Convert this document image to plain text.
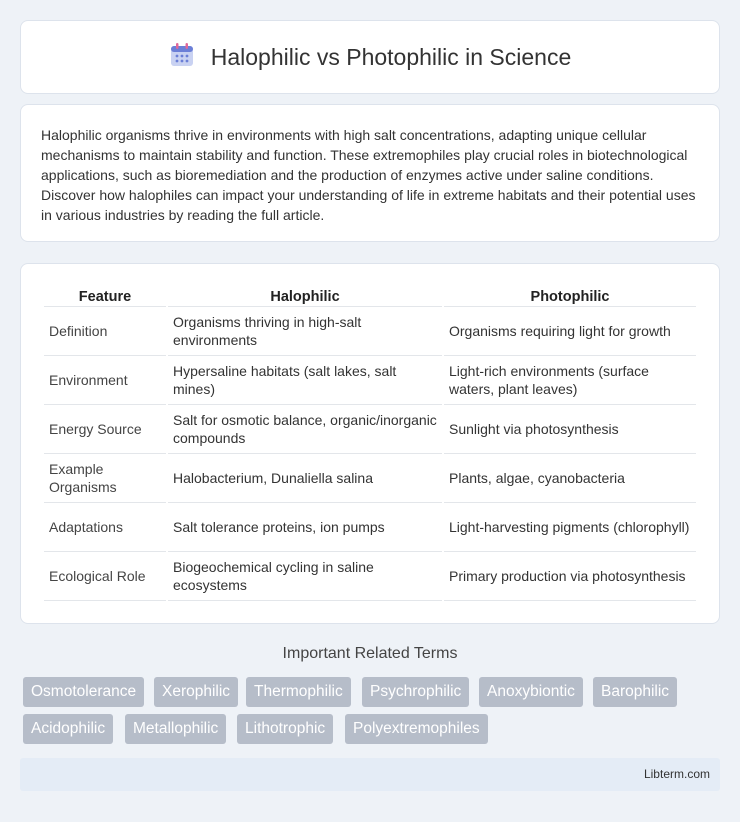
Halophilic vs Photophilic in Science

Halophilic organisms thrive in environments with high salt concentrations, adapting unique cellular mechanisms to maintain stability and function. These extremophiles play crucial roles in biotechnological applications, such as bioremediation and the production of enzymes active under saline conditions. Discover how halophiles can impact your understanding of life in extreme habitats and their potential uses in various industries by reading the full article.

Feature	Halophilic	Photophilic
Definition	Organisms thriving in high-salt environments	Organisms requiring light for growth
Environment	Hypersaline habitats (salt lakes, salt mines)	Light-rich environments (surface waters, plant leaves)
Energy Source	Salt for osmotic balance, organic/inorganic compounds	Sunlight via photosynthesis
Example Organisms	Halobacterium, Dunaliella salina	Plants, algae, cyanobacteria
Adaptations	Salt tolerance proteins, ion pumps	Light-harvesting pigments (chlorophyll)
Ecological Role	Biogeochemical cycling in saline ecosystems	Primary production via photosynthesis
Important Related Terms
Osmotolerance	Xerophilic	Thermophilic	Psychrophilic	Anoxybiontic	Barophilic
Acidophilic	Metallophilic	Lithotrophic	Polyextremophiles
Libterm.com
